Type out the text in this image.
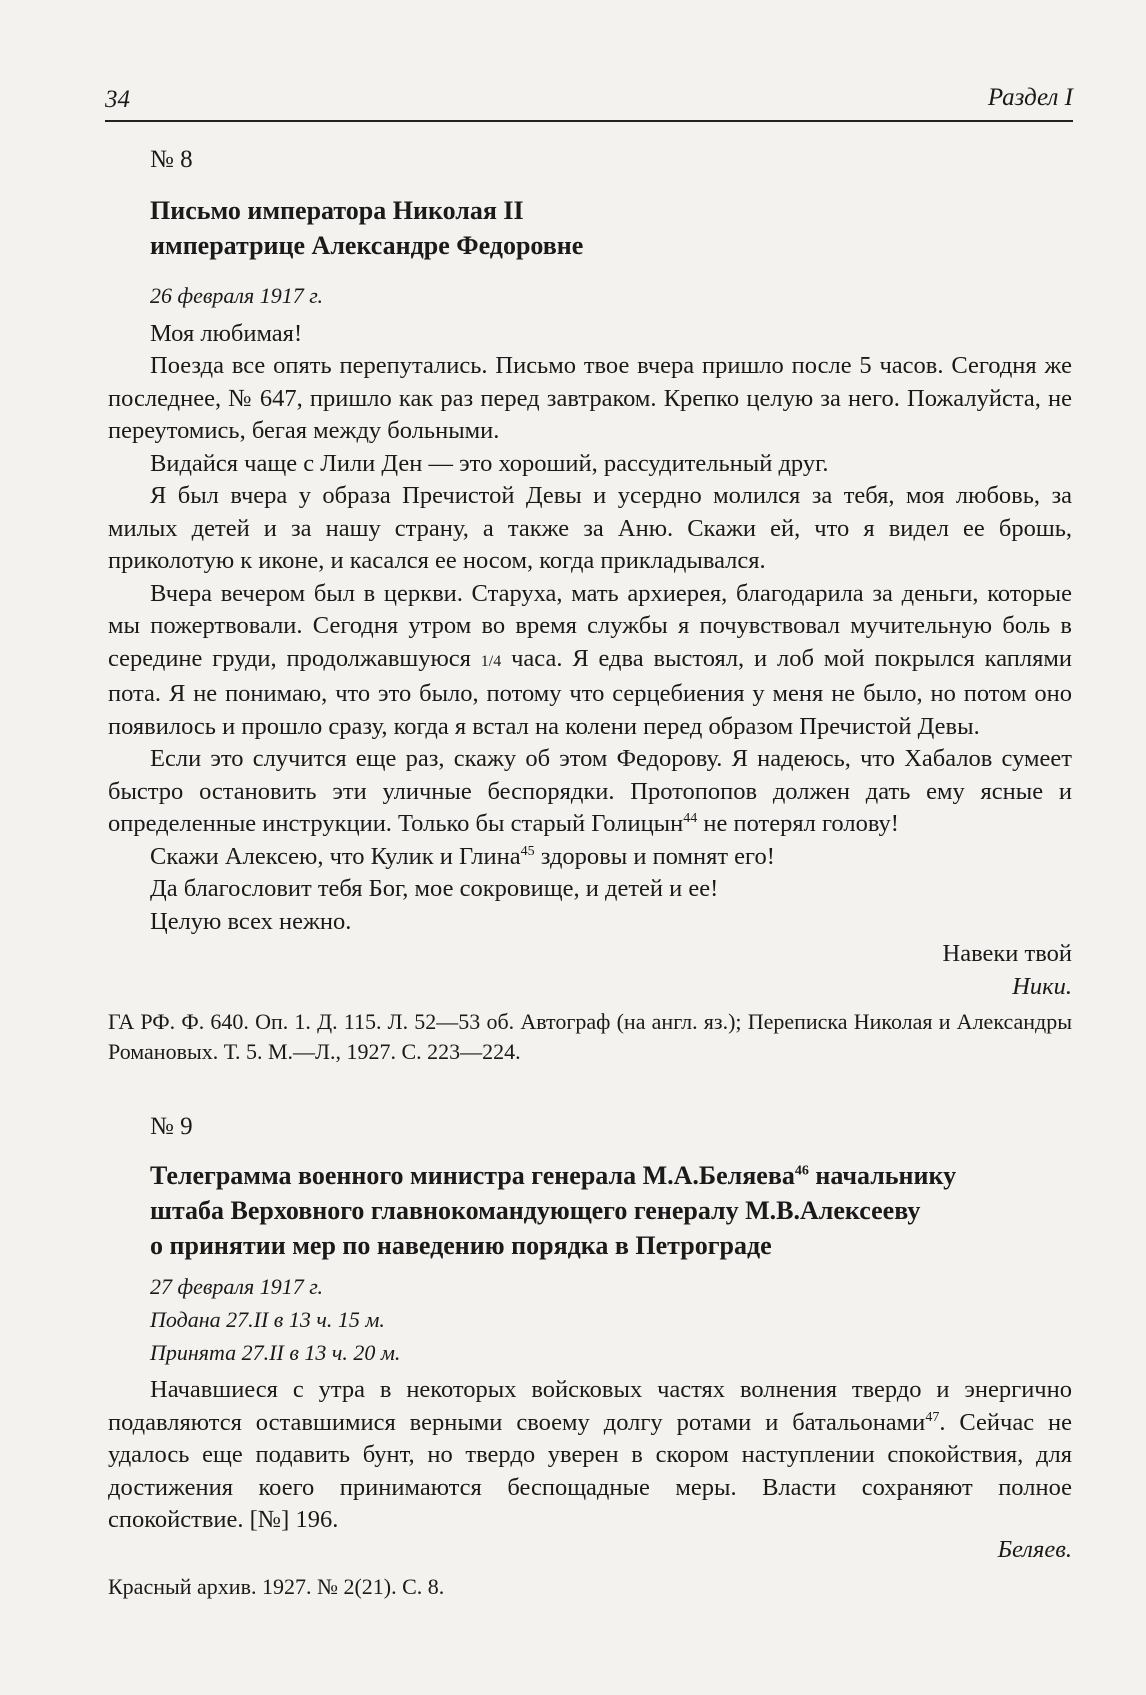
34	Раздел I
№ 8
Письмо императора Николая II
императрице Александре Федоровне
26 февраля 1917 г.
Моя любимая!
Поезда все опять перепутались. Письмо твое вчера пришло после 5 часов. Сегодня же последнее, № 647, пришло как раз перед завтраком. Крепко целую за него. Пожалуйста, не переутомись, бегая между больными.
Видайся чаще с Лили Ден — это хороший, рассудительный друг.
Я был вчера у образа Пречистой Девы и усердно молился за тебя, моя любовь, за милых детей и за нашу страну, а также за Аню. Скажи ей, что я видел ее брошь, приколотую к иконе, и касался ее носом, когда прикладывался.
Вчера вечером был в церкви. Старуха, мать архиерея, благодарила за деньги, которые мы пожертвовали. Сегодня утром во время службы я почувствовал мучительную боль в середине груди, продолжавшуюся 1/4 часа. Я едва выстоял, и лоб мой покрылся каплями пота. Я не понимаю, что это было, потому что серцебиения у меня не было, но потом оно появилось и прошло сразу, когда я встал на колени перед образом Пречистой Девы.
Если это случится еще раз, скажу об этом Федорову. Я надеюсь, что Хабалов сумеет быстро остановить эти уличные беспорядки. Протопопов должен дать ему ясные и определенные инструкции. Только бы старый Голицын$^{44}$ не потерял голову!
Скажи Алексею, что Кулик и Глина$^{45}$ здоровы и помнят его!
Да благословит тебя Бог, мое сокровище, и детей и ее!
Целую всех нежно.
Навеки твой
Ники.
ГА РФ. Ф. 640. Оп. 1. Д. 115. Л. 52—53 об. Автограф (на англ. яз.); Переписка Николая и Александры Романовых. Т. 5. М.—Л., 1927. С. 223—224.
№ 9
Телеграмма военного министра генерала М.А.Беляева$^{46}$ начальнику
штаба Верховного главнокомандующего генералу М.В.Алексееву
о принятии мер по наведению порядка в Петрограде
27 февраля 1917 г.
Подана 27.II в 13 ч. 15 м.
Принята 27.II в 13 ч. 20 м.
Начавшиеся с утра в некоторых войсковых частях волнения твердо и энергично подавляются оставшимися верными своему долгу ротами и батальонами$^{47}$. Сейчас не удалось еще подавить бунт, но твердо уверен в скором наступлении спокойствия, для достижения коего принимаются беспощадные меры. Власти сохраняют полное спокойствие. [№] 196.
Беляев.
Красный архив. 1927. № 2(21). С. 8.
